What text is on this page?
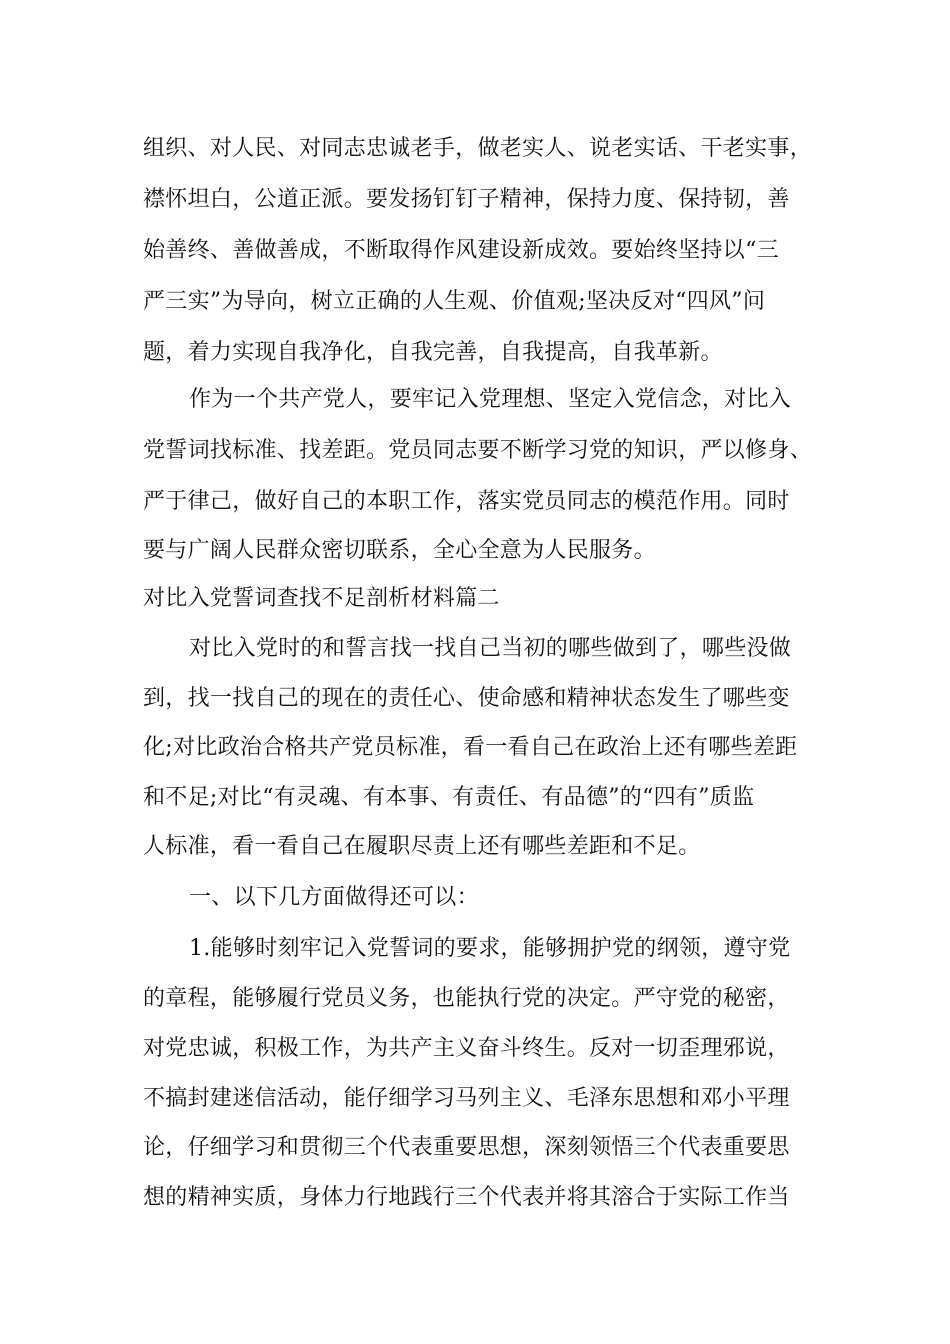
组织、对人民、对同志忠诚老手，做老实人、说老实话、干老实事，
襟怀坦白，公道正派。要发扬钉钉子精神，保持力度、保持韧，善
始善终、善做善成，不断取得作风建设新成效。要始终坚持以“三
严三实”为导向，树立正确的人生观、价值观;坚决反对“四风”问
题，着力实现自我净化，自我完善，自我提高，自我革新。
作为一个共产党人，要牢记入党理想、坚定入党信念，对比入
党誓词找标准、找差距。党员同志要不断学习党的知识，严以修身、
严于律己，做好自己的本职工作，落实党员同志的模范作用。同时
要与广阔人民群众密切联系，全心全意为人民服务。
对比入党誓词查找不足剖析材料篇二
对比入党时的和誓言找一找自己当初的哪些做到了，哪些没做
到，找一找自己的现在的责任心、使命感和精神状态发生了哪些变
化;对比政治合格共产党员标准，看一看自己在政治上还有哪些差距
和不足;对比“有灵魂、有本事、有责任、有品德”的“四有”质监
人标准，看一看自己在履职尽责上还有哪些差距和不足。
一、以下几方面做得还可以：
1.能够时刻牢记入党誓词的要求，能够拥护党的纲领，遵守党
的章程，能够履行党员义务，也能执行党的决定。严守党的秘密，
对党忠诚，积极工作，为共产主义奋斗终生。反对一切歪理邪说，
不搞封建迷信活动，能仔细学习马列主义、毛泽东思想和邓小平理
论，仔细学习和贯彻三个代表重要思想，深刻领悟三个代表重要思
想的精神实质，身体力行地践行三个代表并将其溶合于实际工作当
